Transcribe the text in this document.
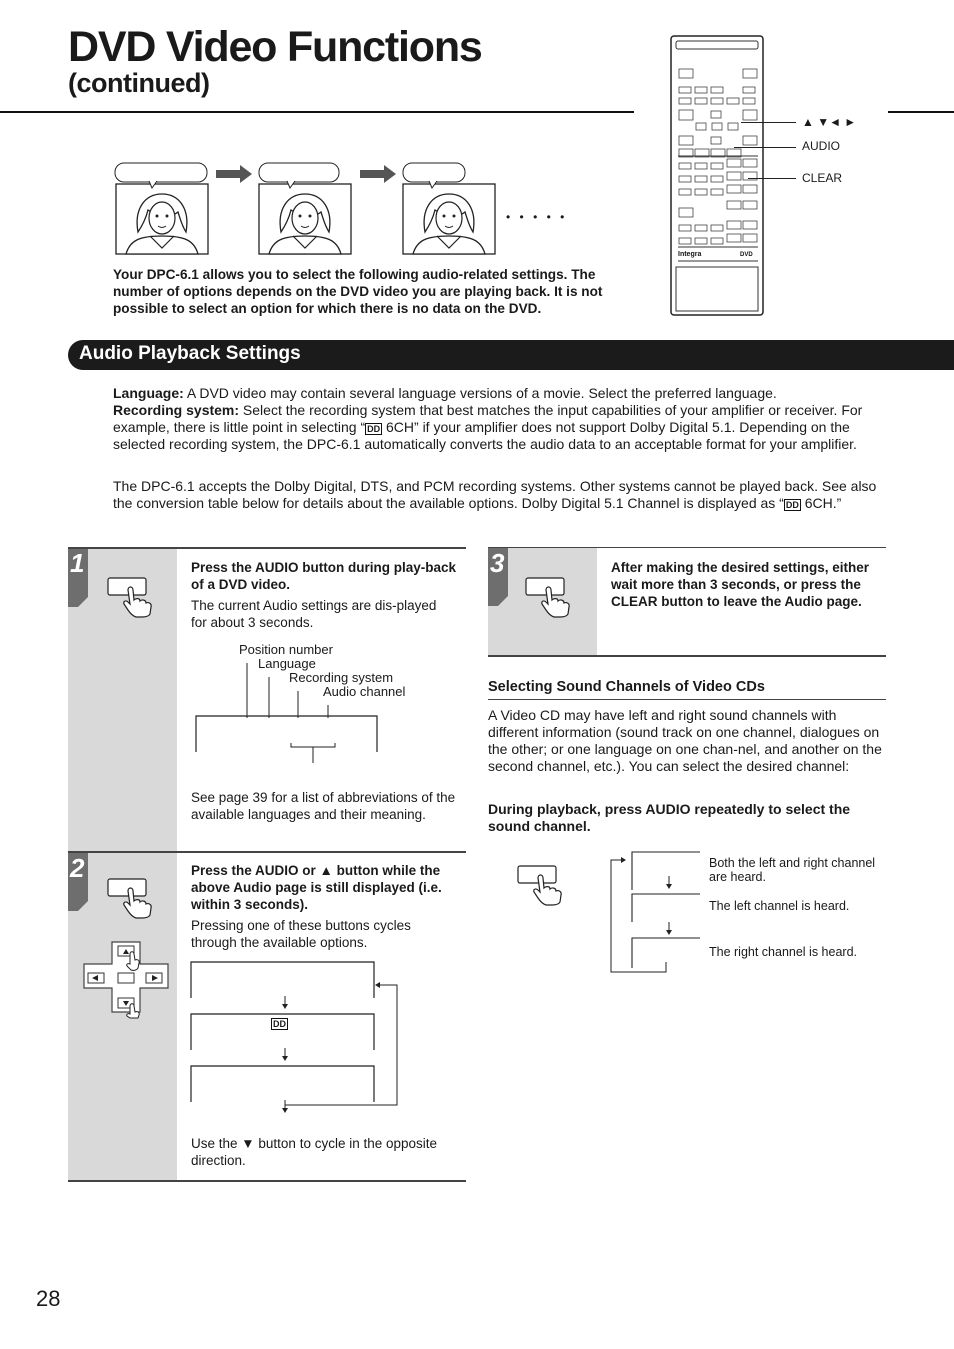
DVD Video Functions
(continued)
Integra	DVD
▲ ▼◄ ►
AUDIO
CLEAR
• • • • •
Your DPC-6.1 allows you to select the following audio-related settings. The number of options depends on the DVD video you are playing back. It is not possible to select an option for which there is no data on the DVD.
Audio Playback Settings
Language: A DVD video may contain several language versions of a movie. Select the preferred language.
Recording system: Select the recording system that best matches the input capabilities of your amplifier or receiver. For example, there is little point in selecting “ DD 6CH” if your amplifier does not support Dolby Digital 5.1. Depending on the selected recording system, the DPC-6.1 automatically converts the audio data to an acceptable format for your amplifier.
The DPC-6.1 accepts the Dolby Digital, DTS, and PCM recording systems. Other systems cannot be played back. See also the conversion table below for details about the available options. Dolby Digital 5.1 Channel is displayed as “ DD 6CH.”
1	Press the AUDIO button during play-back of a DVD video.
The current Audio settings are dis-played for about 3 seconds.
Position number
Language
Recording system
Audio channel
See page 39 for a list of abbreviations of the available languages and their meaning.
2	Press the AUDIO or ▲ button while the above Audio page is still displayed (i.e. within 3 seconds).
Pressing one of these buttons cycles through the available options.
DD
Use the ▼ button to cycle in the opposite direction.
3	After making the desired settings, either wait more than 3 seconds, or press the CLEAR button to leave the Audio page.
Selecting Sound Channels of Video CDs
A Video CD may have left and right sound channels with different information (sound track on one channel, dialogues on the other; or one language on one chan-nel, and another on the second channel, etc.). You can select the desired channel:
During playback, press AUDIO repeatedly to select the sound channel.
Both the left and right channel are heard.
The left channel is heard.
The right channel is heard.
28
